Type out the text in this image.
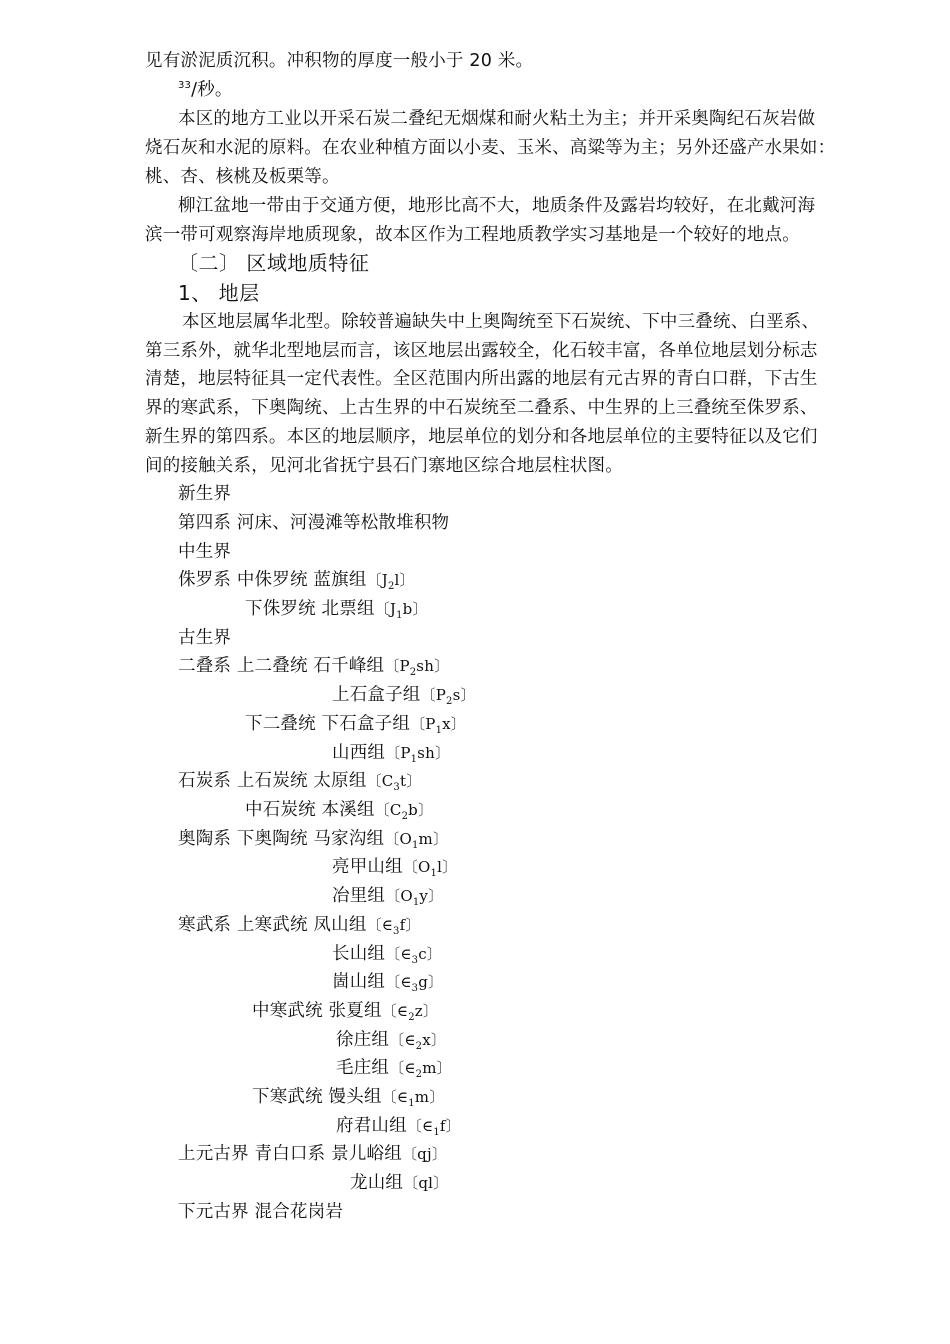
见有淤泥质沉积。冲积物的厚度一般小于 20 米。
$^{33}$/秒。
本区的地方工业以开采石炭二叠纪无烟煤和耐火粘土为主；并开采奥陶纪石灰岩做
烧石灰和水泥的原料。在农业种植方面以小麦、玉米、高粱等为主；另外还盛产水果如：
桃、杏、核桃及板栗等。
柳江盆地一带由于交通方便，地形比高不大，地质条件及露岩均较好，在北戴河海
滨一带可观察海岸地质现象，故本区作为工程地质教学实习基地是一个较好的地点。
〔二〕 区域地质特征
1、 地层
本区地层属华北型。除较普遍缺失中上奥陶统至下石炭统、下中三叠统、白垩系、
第三系外，就华北型地层而言，该区地层出露较全，化石较丰富，各单位地层划分标志
清楚，地层特征具一定代表性。全区范围内所出露的地层有元古界的青白口群，下古生
界的寒武系，下奥陶统、上古生界的中石炭统至二叠系、中生界的上三叠统至侏罗系、
新生界的第四系。本区的地层顺序，地层单位的划分和各地层单位的主要特征以及它们
间的接触关系，见河北省抚宁县石门寨地区综合地层柱状图。
新生界
第四系 河床、河漫滩等松散堆积物
中生界
侏罗系 中侏罗统 蓝旗组〔$J_2l$〕
下侏罗统 北票组〔$J_1b$〕
古生界
二叠系 上二叠统 石千峰组〔$P_2sh$〕
上石盒子组〔$P_2s$〕
下二叠统 下石盒子组〔$P_1x$〕
山西组〔$P_1sh$〕
石炭系 上石炭统 太原组〔$C_3t$〕
中石炭统 本溪组〔$C_2b$〕
奥陶系 下奥陶统 马家沟组〔$O_1m$〕
亮甲山组〔$O_1l$〕
冶里组〔$O_1y$〕
寒武系 上寒武统 凤山组〔$\in_3f$〕
长山组〔$\in_3c$〕
崮山组〔$\in_3g$〕
中寒武统 张夏组〔$\in_2z$〕
徐庄组〔$\in_2x$〕
毛庄组〔$\in_2m$〕
下寒武统 馒头组〔$\in_1m$〕
府君山组〔$\in_1f$〕
上元古界 青白口系 景儿峪组〔qj〕
龙山组〔ql〕
下元古界 混合花岗岩
